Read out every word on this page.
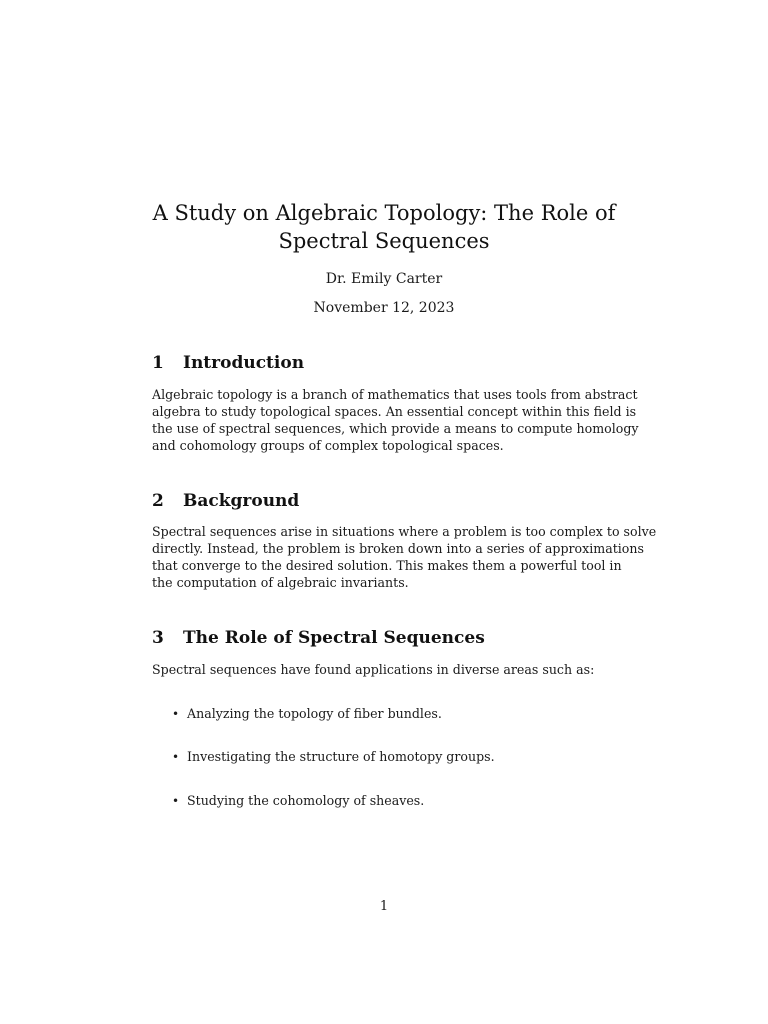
A Study on Algebraic Topology: The Role of
Spectral Sequences
Dr. Emily Carter
November 12, 2023
1 Introduction
Algebraic topology is a branch of mathematics that uses tools from abstract
algebra to study topological spaces. An essential concept within this field is
the use of spectral sequences, which provide a means to compute homology
and cohomology groups of complex topological spaces.
2 Background
Spectral sequences arise in situations where a problem is too complex to solve
directly. Instead, the problem is broken down into a series of approximations
that converge to the desired solution. This makes them a powerful tool in
the computation of algebraic invariants.
3 The Role of Spectral Sequences
Spectral sequences have found applications in diverse areas such as:
• Analyzing the topology of fiber bundles.
• Investigating the structure of homotopy groups.
• Studying the cohomology of sheaves.
1
